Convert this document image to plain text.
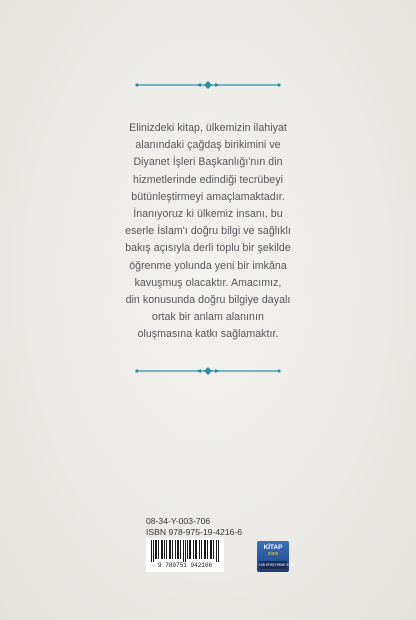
Elinizdeki kitap, ülkemizin ilahiyat
alanındaki çağdaş birikimini ve
Diyanet İşleri Başkanlığı'nın din
hizmetlerinde edindiği tecrübeyi
bütünleştirmeyi amaçlamaktadır.
İnanıyoruz ki ülkemiz insanı, bu
eserle İslam'ı doğru bilgi ve sağlıklı
bakış açısıyla derli toplu bir şekilde
öğrenme yolunda yeni bir imkâna
kavuşmuş olacaktır. Amacımız,
din konusunda doğru bilgiye dayalı
ortak bir anlam alanının
oluşmasına katkı sağlamaktır.

08-34-Y-003-706
ISBN 978-975-19-4216-6
9 789751 942166
KİTAP
2000
DİB ERİŞTİRME KİTA
